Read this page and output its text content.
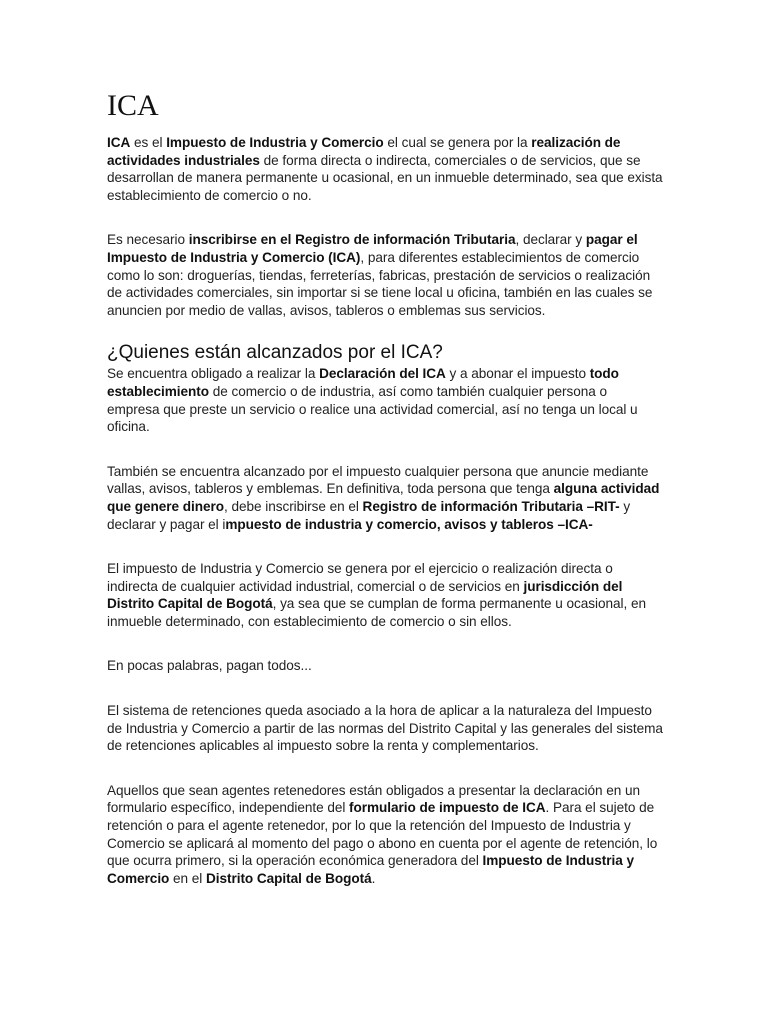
ICA

ICA es el Impuesto de Industria y Comercio el cual se genera por la realización de actividades industriales de forma directa o indirecta, comerciales o de servicios, que se desarrollan de manera permanente u ocasional, en un inmueble determinado, sea que exista establecimiento de comercio o no.

Es necesario inscribirse en el Registro de información Tributaria, declarar y pagar el Impuesto de Industria y Comercio (ICA), para diferentes establecimientos de comercio como lo son: droguerías, tiendas, ferreterías, fabricas, prestación de servicios o realización de actividades comerciales, sin importar si se tiene local u oficina, también en las cuales se anuncien por medio de vallas, avisos, tableros o emblemas sus servicios.

¿Quienes están alcanzados por el ICA?

Se encuentra obligado a realizar la Declaración del ICA y a abonar el impuesto todo establecimiento de comercio o de industria, así como también cualquier persona o empresa que preste un servicio o realice una actividad comercial, así no tenga un local u oficina.

También se encuentra alcanzado por el impuesto cualquier persona que anuncie mediante vallas, avisos, tableros y emblemas. En definitiva, toda persona que tenga alguna actividad que genere dinero, debe inscribirse en el Registro de información Tributaria –RIT- y declarar y pagar el impuesto de industria y comercio, avisos y tableros –ICA-

El impuesto de Industria y Comercio se genera por el ejercicio o realización directa o indirecta de cualquier actividad industrial, comercial o de servicios en jurisdicción del Distrito Capital de Bogotá, ya sea que se cumplan de forma permanente u ocasional, en inmueble determinado, con establecimiento de comercio o sin ellos.

En pocas palabras, pagan todos...

El sistema de retenciones queda asociado a la hora de aplicar a la naturaleza del Impuesto de Industria y Comercio a partir de las normas del Distrito Capital y las generales del sistema de retenciones aplicables al impuesto sobre la renta y complementarios.

Aquellos que sean agentes retenedores están obligados a presentar la declaración en un formulario específico, independiente del formulario de impuesto de ICA. Para el sujeto de retención o para el agente retenedor, por lo que la retención del Impuesto de Industria y Comercio se aplicará al momento del pago o abono en cuenta por el agente de retención, lo que ocurra primero, si la operación económica generadora del Impuesto de Industria y Comercio en el Distrito Capital de Bogotá.
